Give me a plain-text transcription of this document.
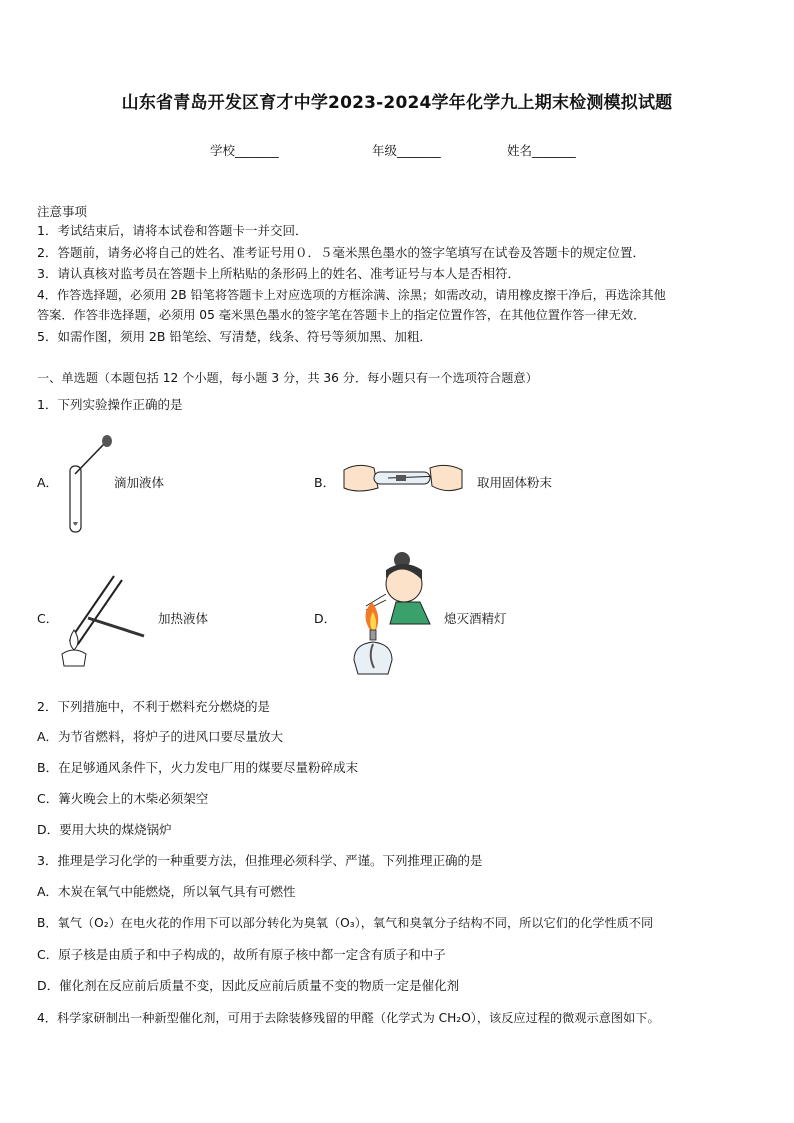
山东省青岛开发区育才中学2023-2024学年化学九上期末检测模拟试题
学校_______	年级_______	姓名_______
注意事项
1．考试结束后，请将本试卷和答题卡一并交回．
2．答题前，请务必将自己的姓名、准考证号用０．５毫米黑色墨水的签字笔填写在试卷及答题卡的规定位置．
3．请认真核对监考员在答题卡上所粘贴的条形码上的姓名、准考证号与本人是否相符．
4．作答选择题，必须用 2B 铅笔将答题卡上对应选项的方框涂满、涂黑；如需改动，请用橡皮擦干净后，再选涂其他
答案．作答非选择题，必须用 05 毫米黑色墨水的签字笔在答题卡上的指定位置作答，在其他位置作答一律无效．
5．如需作图，须用 2B 铅笔绘、写清楚，线条、符号等须加黑、加粗．
一、单选题（本题包括 12 个小题，每小题 3 分，共 36 分．每小题只有一个选项符合题意）
1．下列实验操作正确的是
A．	滴加液体	B．	取用固体粉末
C．	加热液体	D．	熄灭酒精灯
2．下列措施中，不利于燃料充分燃烧的是
A．为节省燃料，将炉子的进风口要尽量放大
B．在足够通风条件下，火力发电厂用的煤要尽量粉碎成末
C．篝火晚会上的木柴必须架空
D．要用大块的煤烧锅炉
3．推理是学习化学的一种重要方法，但推理必须科学、严谨。下列推理正确的是
A．木炭在氧气中能燃烧，所以氧气具有可燃性
B．氧气（O₂）在电火花的作用下可以部分转化为臭氧（O₃），氧气和臭氧分子结构不同，所以它们的化学性质不同
C．原子核是由质子和中子构成的，故所有原子核中都一定含有质子和中子
D．催化剂在反应前后质量不变，因此反应前后质量不变的物质一定是催化剂
4．科学家研制出一种新型催化剂，可用于去除装修残留的甲醛（化学式为 CH₂O），该反应过程的微观示意图如下。
